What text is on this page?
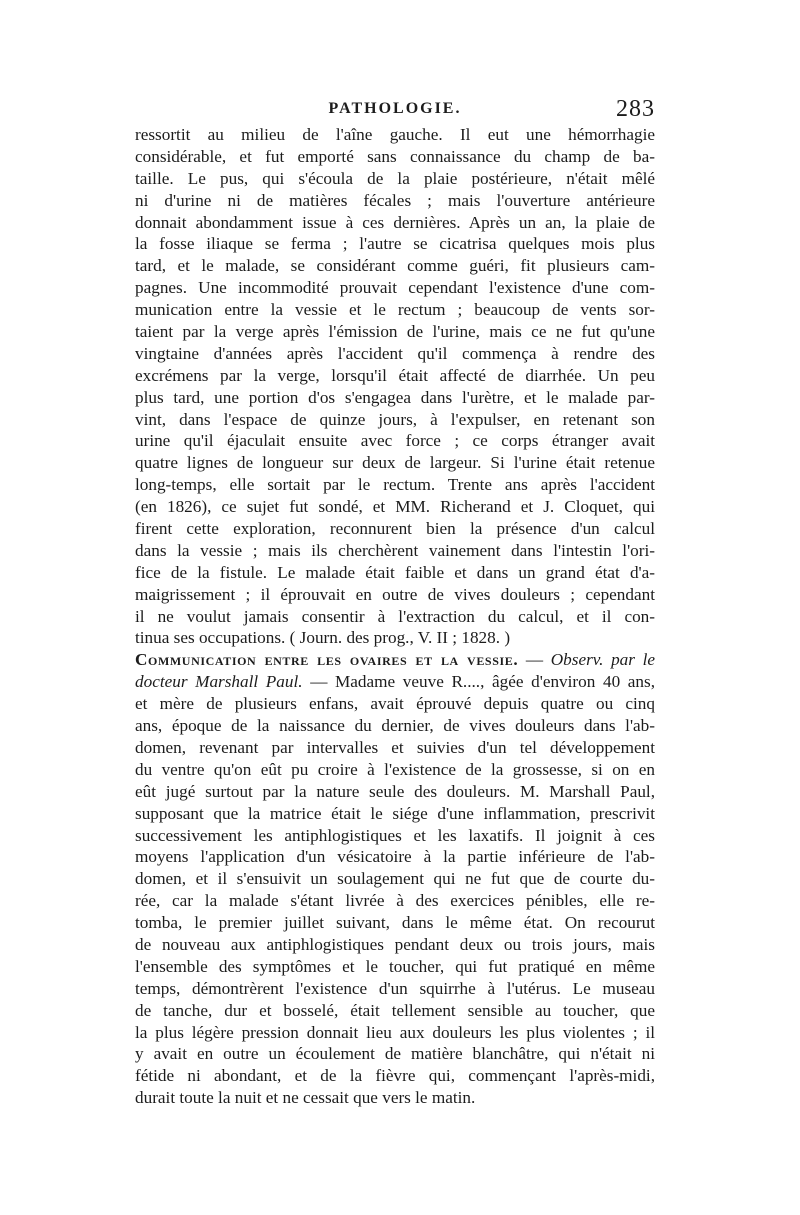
PATHOLOGIE.	283
ressortit au milieu de l'aîne gauche. Il eut une hémorrhagie
considérable, et fut emporté sans connaissance du champ de ba-
taille. Le pus, qui s'écoula de la plaie postérieure, n'était mêlé
ni d'urine ni de matières fécales ; mais l'ouverture antérieure
donnait abondamment issue à ces dernières. Après un an, la plaie de
la fosse iliaque se ferma ; l'autre se cicatrisa quelques mois plus
tard, et le malade, se considérant comme guéri, fit plusieurs cam-
pagnes. Une incommodité prouvait cependant l'existence d'une com-
munication entre la vessie et le rectum ; beaucoup de vents sor-
taient par la verge après l'émission de l'urine, mais ce ne fut qu'une
vingtaine d'années après l'accident qu'il commença à rendre des
excrémens par la verge, lorsqu'il était affecté de diarrhée. Un peu
plus tard, une portion d'os s'engagea dans l'urètre, et le malade par-
vint, dans l'espace de quinze jours, à l'expulser, en retenant son
urine qu'il éjaculait ensuite avec force ; ce corps étranger avait
quatre lignes de longueur sur deux de largeur. Si l'urine était retenue
long-temps, elle sortait par le rectum. Trente ans après l'accident
(en 1826), ce sujet fut sondé, et MM. Richerand et J. Cloquet, qui
firent cette exploration, reconnurent bien la présence d'un calcul
dans la vessie ; mais ils cherchèrent vainement dans l'intestin l'ori-
fice de la fistule. Le malade était faible et dans un grand état d'a-
maigrissement ; il éprouvait en outre de vives douleurs ; cependant
il ne voulut jamais consentir à l'extraction du calcul, et il con-
tinua ses occupations. ( Journ. des prog., V. II ; 1828. )
Communication entre les ovaires et la vessie. — Observ. par le
docteur Marshall Paul. — Madame veuve R...., âgée d'environ 40 ans,
et mère de plusieurs enfans, avait éprouvé depuis quatre ou cinq
ans, époque de la naissance du dernier, de vives douleurs dans l'ab-
domen, revenant par intervalles et suivies d'un tel développement
du ventre qu'on eût pu croire à l'existence de la grossesse, si on en
eût jugé surtout par la nature seule des douleurs. M. Marshall Paul,
supposant que la matrice était le siége d'une inflammation, prescrivit
successivement les antiphlogistiques et les laxatifs. Il joignit à ces
moyens l'application d'un vésicatoire à la partie inférieure de l'ab-
domen, et il s'ensuivit un soulagement qui ne fut que de courte du-
rée, car la malade s'étant livrée à des exercices pénibles, elle re-
tomba, le premier juillet suivant, dans le même état. On recourut
de nouveau aux antiphlogistiques pendant deux ou trois jours, mais
l'ensemble des symptômes et le toucher, qui fut pratiqué en même
temps, démontrèrent l'existence d'un squirrhe à l'utérus. Le museau
de tanche, dur et bosselé, était tellement sensible au toucher, que
la plus légère pression donnait lieu aux douleurs les plus violentes ; il
y avait en outre un écoulement de matière blanchâtre, qui n'était ni
fétide ni abondant, et de la fièvre qui, commençant l'après-midi,
durait toute la nuit et ne cessait que vers le matin.
